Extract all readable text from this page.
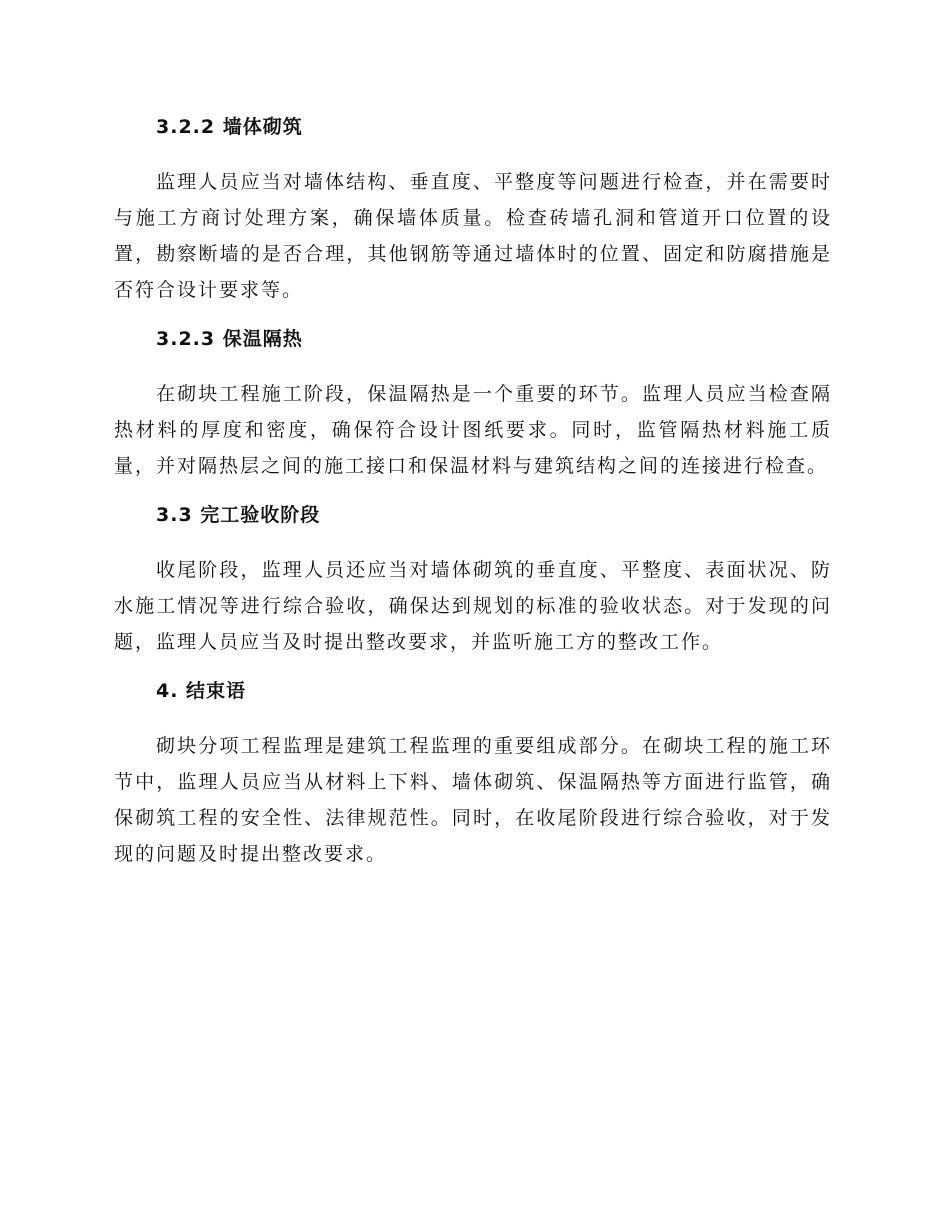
3.2.2 墙体砌筑

监理人员应当对墙体结构、垂直度、平整度等问题进行检查，并在需要时与施工方商讨处理方案，确保墙体质量。检查砖墙孔洞和管道开口位置的设置，勘察断墙的是否合理，其他钢筋等通过墙体时的位置、固定和防腐措施是否符合设计要求等。

3.2.3 保温隔热

在砌块工程施工阶段，保温隔热是一个重要的环节。监理人员应当检查隔热材料的厚度和密度，确保符合设计图纸要求。同时，监管隔热材料施工质量，并对隔热层之间的施工接口和保温材料与建筑结构之间的连接进行检查。

3.3 完工验收阶段

收尾阶段，监理人员还应当对墙体砌筑的垂直度、平整度、表面状况、防水施工情况等进行综合验收，确保达到规划的标准的验收状态。对于发现的问题，监理人员应当及时提出整改要求，并监听施工方的整改工作。

4. 结束语

砌块分项工程监理是建筑工程监理的重要组成部分。在砌块工程的施工环节中，监理人员应当从材料上下料、墙体砌筑、保温隔热等方面进行监管，确保砌筑工程的安全性、法律规范性。同时，在收尾阶段进行综合验收，对于发现的问题及时提出整改要求。
